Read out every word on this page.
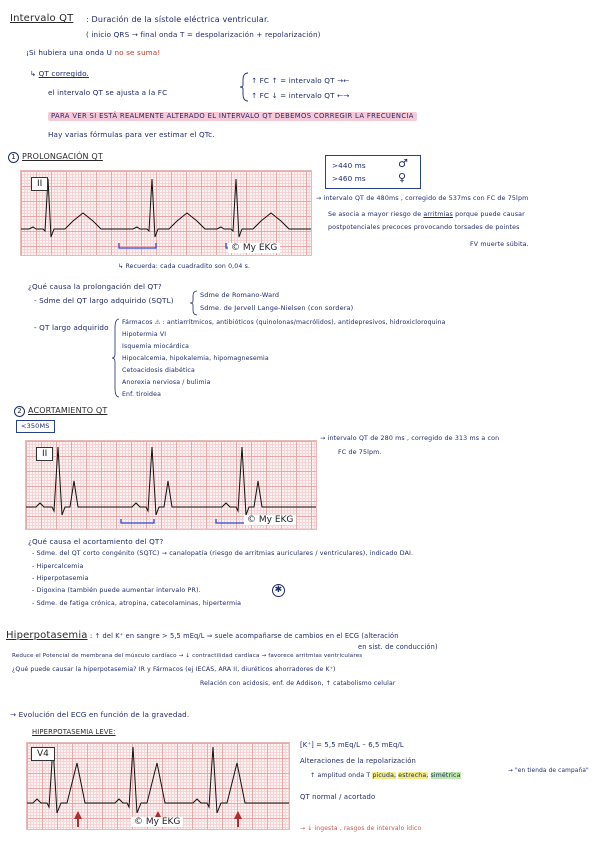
Intervalo QT : Duración de la sístole eléctrica ventricular.
( inicio QRS → final onda T = despolarización + repolarización)
¡Si hubiera una onda U no se suma!
↳ QT corregido.
el intervalo QT se ajusta a la FC
↑ FC ↑ = intervalo QT →←
↑ FC ↓ = intervalo QT ←→
PARA VER SI ESTÁ REALMENTE ALTERADO EL INTERVALO QT DEBEMOS CORREGIR LA FRECUENCIA
Hay varias fórmulas para ver estimar el QTc.
1 PROLONGACIÓN QT
II
© My EKG
↳ Recuerda: cada cuadradito son 0,04 s.
>440 ms
>460 ms
♂
♀
→ intervalo QT de 480ms , corregido de 537ms con FC de 75lpm
Se asocia a mayor riesgo de arritmias porque puede causar
postpotenciales precoces provocando torsades de pointes
FV muerte súbita.
¿Qué causa la prolongación del QT?
- Sdme del QT largo adquirido (SQTL)
Sdme de Romano-Ward
Sdme. de Jervell Lange-Nielsen (con sordera)
- QT largo adquirido
Fármacos ⚠ : antiarrítmicos, antibióticos (quinolonas/macrólidos), antidepresivos, hidroxicloroquina
Hipotermia VI
Isquemia miocárdica
Hipocalcemia, hipokalemia, hipomagnesemia
Cetoacidosis diabética
Anorexia nerviosa / bulimia
Enf. tiroidea
2 ACORTAMIENTO QT
<350MS
II
© My EKG
→ intervalo QT de 280 ms , corregido de 313 ms a con
FC de 75lpm.
¿Qué causa el acortamiento del QT?
- Sdme. del QT corto congénito (SQTC) → canalopatía (riesgo de arritmias auriculares / ventriculares), indicado DAI.
- Hipercalcemia
- Hiperpotasemia
- Digoxina (también puede aumentar intervalo PR).	✱
- Sdme. de fatiga crónica, atropina, catecolaminas, hipertermia
Hiperpotasemia : ↑ del K⁺ en sangre > 5,5 mEq/L ⇒ suele acompañarse de cambios en el ECG (alteración
en sist. de conducción)
Reduce el Potencial de membrana del músculo cardíaco → ↓ contractilidad cardíaca → favorece arritmias ventriculares
¿Qué puede causar la hiperpotasemia? IR y Fármacos (ej IECAS, ARA II, diuréticos ahorradores de K⁺)
Relación con acidosis, enf. de Addison, ↑ catabolismo celular
→ Evolución del ECG en función de la gravedad.
HIPERPOTASEMIA LEVE:
V4
© My EKG
[K⁺] = 5,5 mEq/L – 6,5 mEq/L
Alteraciones de la repolarización
↑ amplitud onda T picuda, estrecha, simétrica
→ "en tienda de campaña"
QT normal / acortado
→ ↓ ingesta , rasgos de intervalo ídico
